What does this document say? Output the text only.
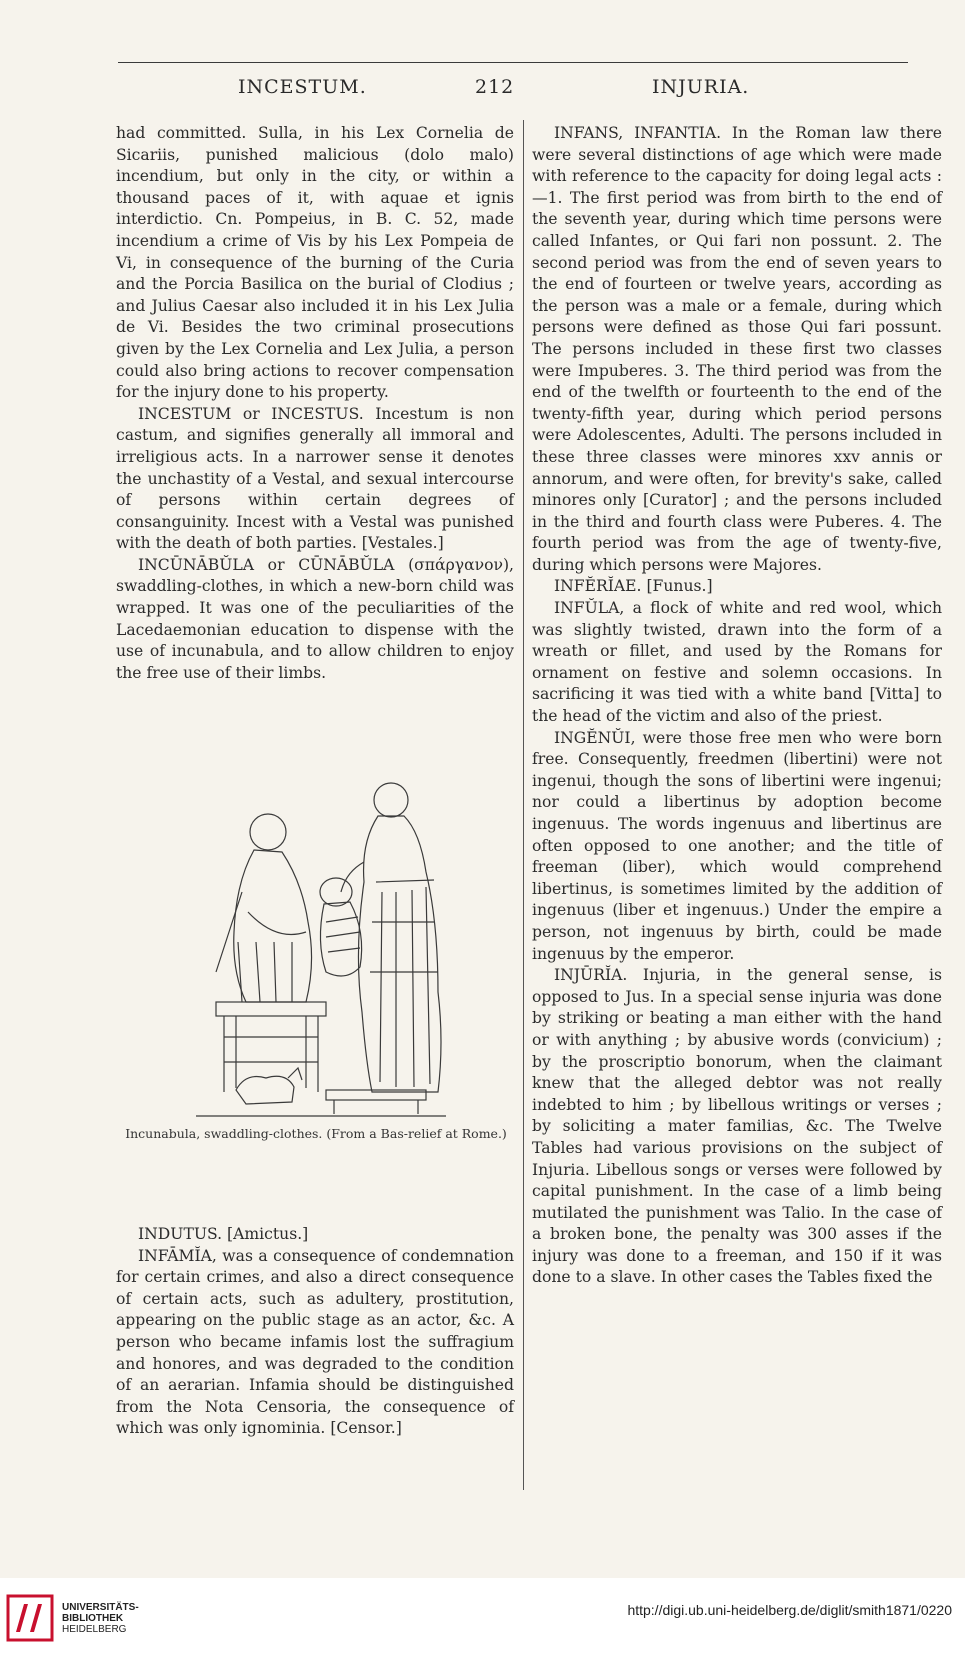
INCESTUM.	212	INJURIA.

had committed. Sulla, in his Lex Cornelia de Sicariis, punished malicious (dolo malo) incendium, but only in the city, or within a thousand paces of it, with aquae et ignis interdictio. Cn. Pompeius, in B. C. 52, made incendium a crime of Vis by his Lex Pompeia de Vi, in consequence of the burning of the Curia and the Porcia Basilica on the burial of Clodius ; and Julius Caesar also included it in his Lex Julia de Vi. Besides the two criminal prosecutions given by the Lex Cornelia and Lex Julia, a person could also bring actions to recover compensation for the injury done to his property.

INCESTUM or INCESTUS. Incestum is non castum, and signifies generally all immoral and irreligious acts. In a narrower sense it denotes the unchastity of a Vestal, and sexual intercourse of persons within certain degrees of consanguinity. Incest with a Vestal was punished with the death of both parties. [Vestales.]

INCŪNĀBŬLA or CŪNĀBŬLA (σπάργανον), swaddling-clothes, in which a new-born child was wrapped. It was one of the peculiarities of the Lacedaemonian education to dispense with the use of incunabula, and to allow children to enjoy the free use of their limbs.

Incunabula, swaddling-clothes. (From a Bas-relief at Rome.)

INDUTUS. [Amictus.]

INFĀMĬA, was a consequence of condemnation for certain crimes, and also a direct consequence of certain acts, such as adultery, prostitution, appearing on the public stage as an actor, &c. A person who became infamis lost the suffragium and honores, and was degraded to the condition of an aerarian. Infamia should be distinguished from the Nota Censoria, the consequence of which was only ignominia. [Censor.]

INFANS, INFANTIA. In the Roman law there were several distinctions of age which were made with reference to the capacity for doing legal acts :—1. The first period was from birth to the end of the seventh year, during which time persons were called Infantes, or Qui fari non possunt. 2. The second period was from the end of seven years to the end of fourteen or twelve years, according as the person was a male or a female, during which persons were defined as those Qui fari possunt. The persons included in these first two classes were Impuberes. 3. The third period was from the end of the twelfth or fourteenth to the end of the twenty-fifth year, during which period persons were Adolescentes, Adulti. The persons included in these three classes were minores xxv annis or annorum, and were often, for brevity's sake, called minores only [Curator] ; and the persons included in the third and fourth class were Puberes. 4. The fourth period was from the age of twenty-five, during which persons were Majores.

INFĔRĬAE. [Funus.]

INFŬLA, a flock of white and red wool, which was slightly twisted, drawn into the form of a wreath or fillet, and used by the Romans for ornament on festive and solemn occasions. In sacrificing it was tied with a white band [Vitta] to the head of the victim and also of the priest.

INGĔNŬI, were those free men who were born free. Consequently, freedmen (libertini) were not ingenui, though the sons of libertini were ingenui; nor could a libertinus by adoption become ingenuus. The words ingenuus and libertinus are often opposed to one another; and the title of freeman (liber), which would comprehend libertinus, is sometimes limited by the addition of ingenuus (liber et ingenuus.) Under the empire a person, not ingenuus by birth, could be made ingenuus by the emperor.

INJŪRĬA. Injuria, in the general sense, is opposed to Jus. In a special sense injuria was done by striking or beating a man either with the hand or with anything ; by abusive words (convicium) ; by the proscriptio bonorum, when the claimant knew that the alleged debtor was not really indebted to him ; by libellous writings or verses ; by soliciting a mater familias, &c. The Twelve Tables had various provisions on the subject of Injuria. Libellous songs or verses were followed by capital punishment. In the case of a limb being mutilated the punishment was Talio. In the case of a broken bone, the penalty was 300 asses if the injury was done to a freeman, and 150 if it was done to a slave. In other cases the Tables fixed the

UNIVERSITÄTS-
BIBLIOTHEK
HEIDELBERG
http://digi.ub.uni-heidelberg.de/diglit/smith1871/0220
